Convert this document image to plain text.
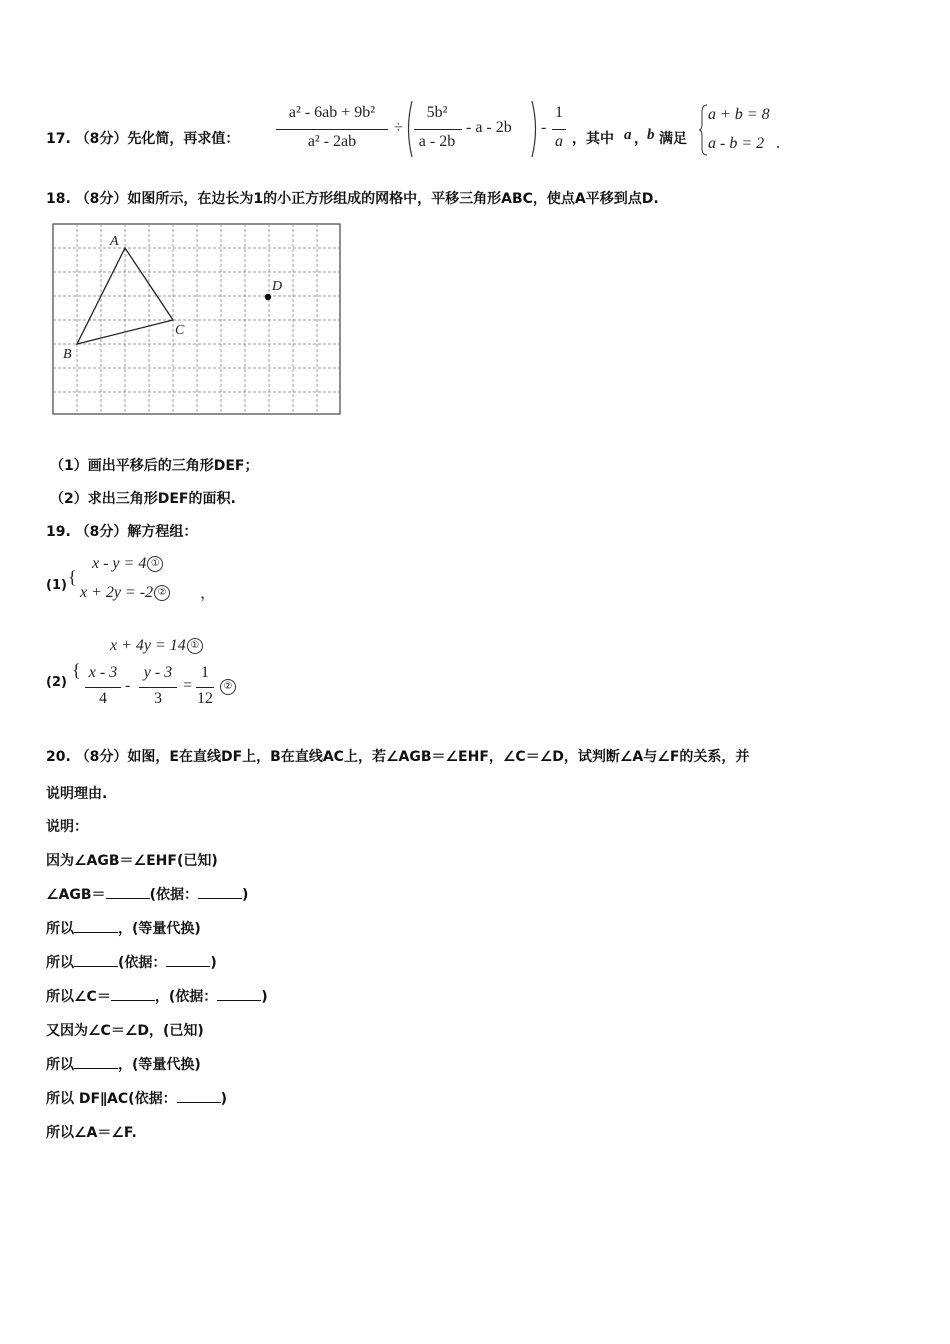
17. （8分）先化简，再求值：
a² - 6ab + 9b²
a² - 2ab
÷
5b²
a - 2b
- a - 2b -
1
a ，其中 a ， b 满足
a + b = 8
a - b = 2 .
18. （8分）如图所示，在边长为1的小正方形组成的网格中，平移三角形ABC，使点A平移到点D.
A
B
C
D
（1）画出平移后的三角形DEF；
（2）求出三角形DEF的面积.
19. （8分）解方程组：
(1) {
x - y = 4 ①
x + 2y = -2 ② ，
(2)
{
x + 4y = 14 ①
x - 3
4
-
y - 3
3
=
1
12
②
20. （8分）如图，E在直线DF上，B在直线AC上，若∠AGB＝∠EHF，∠C＝∠D，试判断∠A与∠F的关系，并
说明理由.
说明：
因为∠AGB＝∠EHF(已知)
∠AGB＝	(依据：	)
所以	，(等量代换)
所以	(依据：	)
所以∠C＝	，(依据：	)
又因为∠C＝∠D，(已知)
所以	，(等量代换)
所以 DF∥AC(依据：	)
所以∠A＝∠F.
